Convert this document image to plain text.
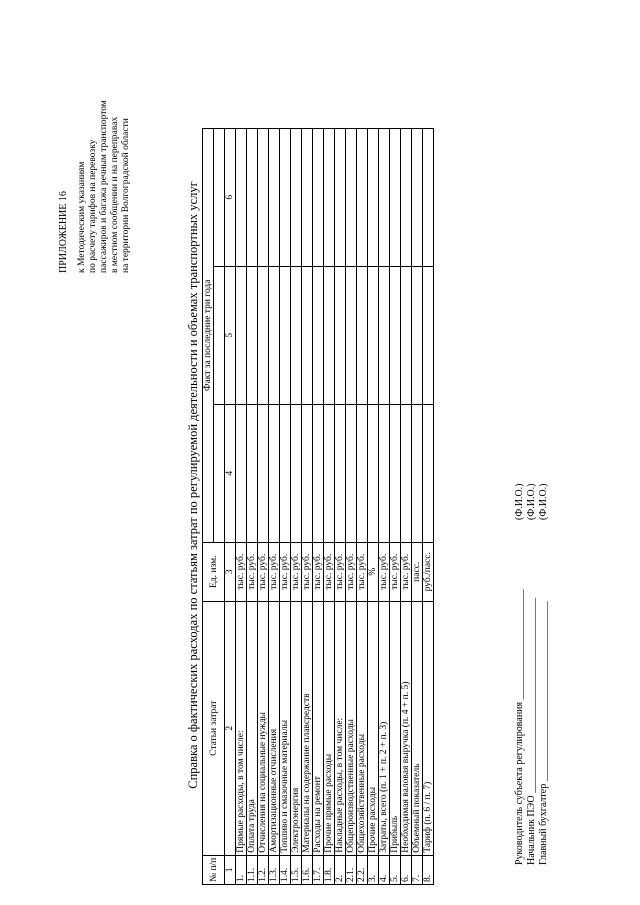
ПРИЛОЖЕНИЕ 16 к Методическим указаниям по расчету тарифов на перевозку пассажиров и багажа речным транспортом в местном сообщении и на переправах на территории Волгоградской области	Справка о фактических расходах по статьям затрат по регулируемой деятельности и объемах транспортных услуг
№ п/п	Статьи затрат	Ед. изм.	Факт за последние три года		

1	2	3	4	5	6
1.	Прямые расходы, в том числе:	тыс. руб.			
1.1.	Оплата труда	тыс. руб.			
1.2.	Отчисления на социальные нужды	тыс. руб.			
1.3.	Амортизационные отчисления	тыс. руб.			
1.4.	Топливо и смазочные материалы	тыс. руб.			
1.5.	Электроэнергия	тыс. руб.			
1.6.	Материалы на содержание плавсредств	тыс. руб.			
1.7.	Расходы на ремонт	тыс. руб.			
1.8.	Прочие прямые расходы	тыс. руб.			
2.	Накладные расходы, в том числе:	тыс. руб.			
2.1.	Общепроизводственные расходы	тыс. руб.			
2.2.	Общехозяйственные расходы	тыс. руб.			
3.	Прочие расходы	%			
4.	Затраты, всего (п. 1 + п. 2 + п. 3)	тыс. руб.			
5.	Прибыль	тыс. руб.			
6.	Необходимая валовая выручка (п. 4 + п. 5)	тыс. руб.			
7.	Объемный показатель	пасс.			
8.	Тариф (п. 6 / п. 7)	руб./пасс.			
Руководитель субъекта регулирования ______________________
(Ф.И.О.)
Начальник ПЭО _______________________________________
(Ф.И.О.)
Главный бухгалтер ____________________________________
(Ф.И.О.)
